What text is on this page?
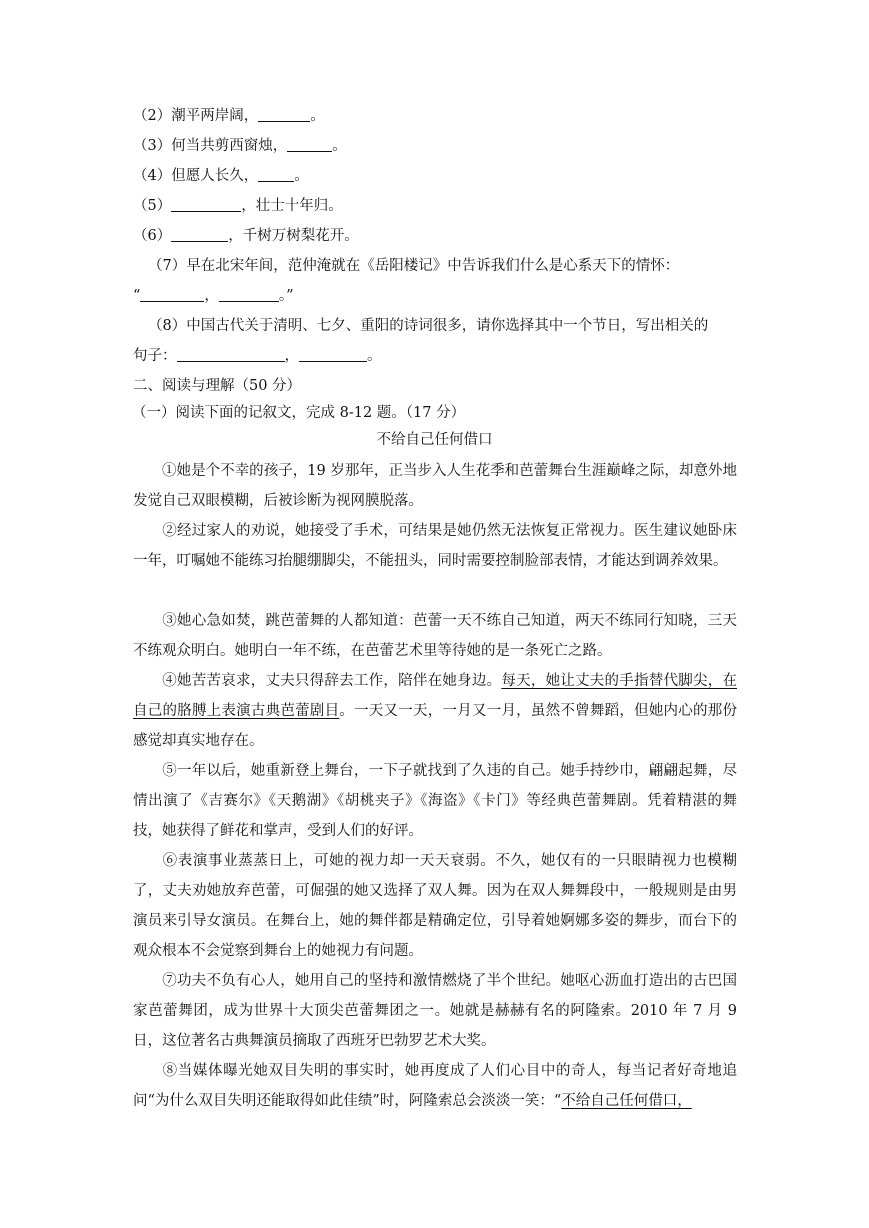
（2）潮平两岸阔，	。
（3）何当共剪西窗烛，	。
（4）但愿人长久， 。
（5）	，壮士十年归。
（6）	，千树万树梨花开。
（7）早在北宋年间，范仲淹就在《岳阳楼记》中告诉我们什么是心系天下的情怀：
“	，	。”
（8）中国古代关于清明、七夕、重阳的诗词很多，请你选择其中一个节日，写出相关的
句子：	，	。
二、阅读与理解（50 分）
（一）阅读下面的记叙文，完成 8-12 题。（17 分）
不给自己任何借口
①她是个不幸的孩子，19 岁那年，正当步入人生花季和芭蕾舞台生涯巅峰之际，却意外地发觉自己双眼模糊，后被诊断为视网膜脱落。
②经过家人的劝说，她接受了手术，可结果是她仍然无法恢复正常视力。医生建议她卧床一年，叮嘱她不能练习抬腿绷脚尖，不能扭头，同时需要控制脸部表情，才能达到调养效果。
③她心急如焚，跳芭蕾舞的人都知道：芭蕾一天不练自己知道，两天不练同行知晓，三天不练观众明白。她明白一年不练，在芭蕾艺术里等待她的是一条死亡之路。
④她苦苦哀求，丈夫只得辞去工作，陪伴在她身边。每天，她让丈夫的手指替代脚尖，在自己的胳膊上表演古典芭蕾剧目。一天又一天，一月又一月，虽然不曾舞蹈，但她内心的那份感觉却真实地存在。
⑤一年以后，她重新登上舞台，一下子就找到了久违的自己。她手持纱巾，翩翩起舞，尽情出演了《吉赛尔》《天鹅湖》《胡桃夹子》《海盗》《卡门》等经典芭蕾舞剧。凭着精湛的舞技，她获得了鲜花和掌声，受到人们的好评。
⑥表演事业蒸蒸日上，可她的视力却一天天衰弱。不久，她仅有的一只眼睛视力也模糊了，丈夫劝她放弃芭蕾，可倔强的她又选择了双人舞。因为在双人舞舞段中，一般规则是由男演员来引导女演员。在舞台上，她的舞伴都是精确定位，引导着她婀娜多姿的舞步，而台下的观众根本不会觉察到舞台上的她视力有问题。
⑦功夫不负有心人，她用自己的坚持和激情燃烧了半个世纪。她呕心沥血打造出的古巴国家芭蕾舞团，成为世界十大顶尖芭蕾舞团之一。她就是赫赫有名的阿隆索。2010 年 7 月 9 日，这位著名古典舞演员摘取了西班牙巴勃罗艺术大奖。
⑧当媒体曝光她双目失明的事实时，她再度成了人们心目中的奇人，每当记者好奇地追问“为什么双目失明还能取得如此佳绩”时，阿隆索总会淡淡一笑：“不给自己任何借口，
